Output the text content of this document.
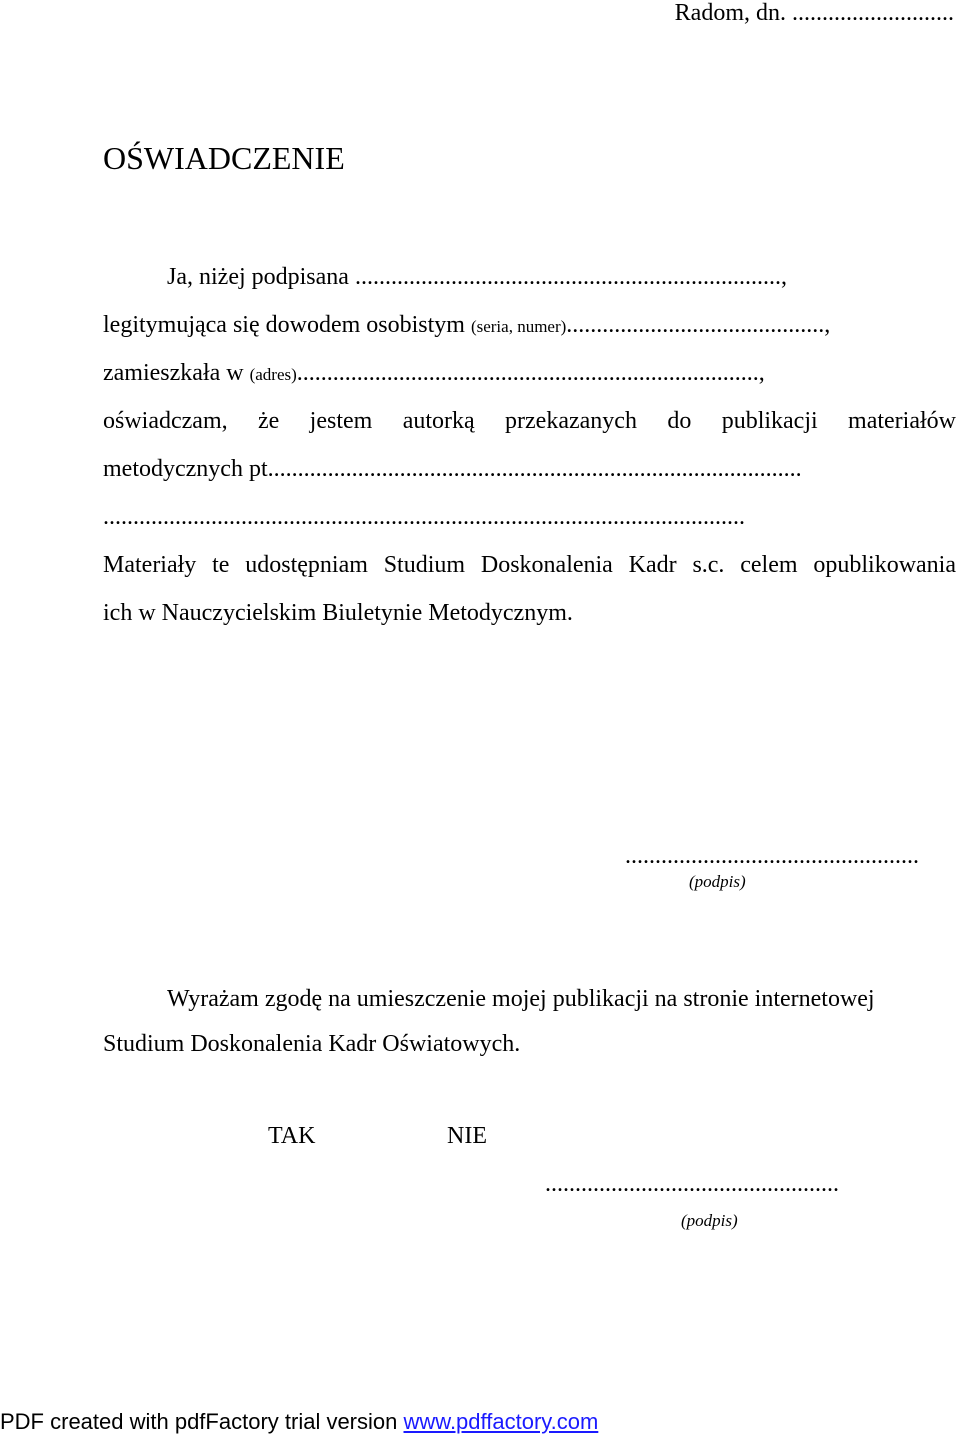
Radom, dn. ...........................
OŚWIADCZENIE
Ja, niżej podpisana .......................................................................,
legitymująca się dowodem osobistym (seria, numer)...........................................,
zamieszkała w (adres).............................................................................,
oświadczam, że jestem autorką przekazanych do publikacji materiałów
metodycznych pt.........................................................................................
...........................................................................................................
Materiały te udostępniam Studium Doskonalenia Kadr s.c. celem opublikowania
ich w Nauczycielskim Biuletynie Metodycznym.
.................................................
(podpis)
Wyrażam zgodę na umieszczenie mojej publikacji na stronie internetowej
Studium Doskonalenia Kadr Oświatowych.
TAK	NIE
.................................................
(podpis)
PDF created with pdfFactory trial version www.pdffactory.com
